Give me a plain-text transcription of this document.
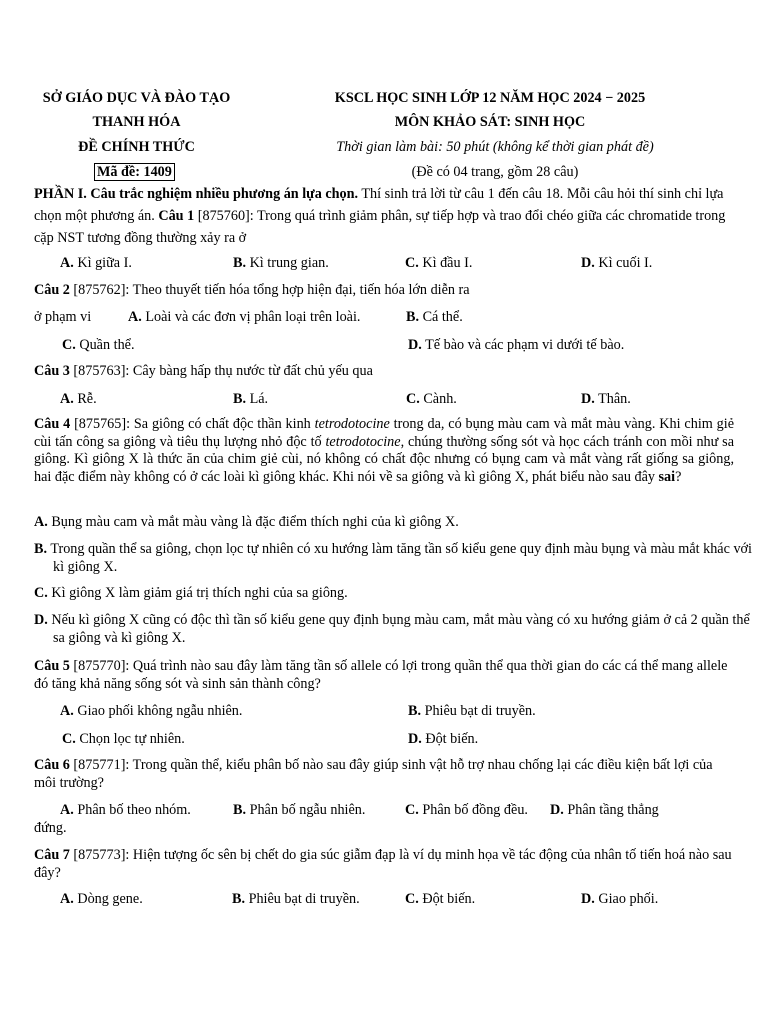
SỞ GIÁO DỤC VÀ ĐÀO TẠO
THANH HÓA
ĐỀ CHÍNH THỨC
Mã đề: 1409
KSCL HỌC SINH LỚP 12 NĂM HỌC 2024 − 2025
MÔN KHẢO SÁT: SINH HỌC
Thời gian làm bài: 50 phút (không kể thời gian phát đề)
(Đề có 04 trang, gồm 28 câu)
PHẦN I. Câu trắc nghiệm nhiều phương án lựa chọn. Thí sinh trả lời từ câu 1 đến câu 18. Mỗi câu hỏi thí sinh chỉ lựa chọn một phương án. Câu 1 [875760]: Trong quá trình giảm phân, sự tiếp hợp và trao đổi chéo giữa các chromatide trong cặp NST tương đồng thường xảy ra ở
A. Kì giữa I.	B. Kì trung gian.	C. Kì đầu I.	D. Kì cuối I.
Câu 2 [875762]: Theo thuyết tiến hóa tổng hợp hiện đại, tiến hóa lớn diễn ra
ở phạm vi	A. Loài và các đơn vị phân loại trên loài.	B. Cá thể.
C. Quần thể.	D. Tế bào và các phạm vi dưới tế bào.
Câu 3 [875763]: Cây bàng hấp thụ nước từ đất chủ yếu qua
A. Rễ.	B. Lá.	C. Cành.	D. Thân.
Câu 4 [875765]: Sa giông có chất độc thần kinh tetrodotocine trong da, có bụng màu cam và mắt màu vàng. Khi chim giẻ cùi tấn công sa giông và tiêu thụ lượng nhỏ độc tố tetrodotocine, chúng thường sống sót và học cách tránh con mồi như sa giông. Kì giông X là thức ăn của chim giẻ cùi, nó không có chất độc nhưng có bụng cam và mắt vàng rất giống sa giông, hai đặc điểm này không có ở các loài kì giông khác. Khi nói về sa giông và kì giông X, phát biểu nào sau đây sai?
A. Bụng màu cam và mắt màu vàng là đặc điểm thích nghi của kì giông X.
B. Trong quần thể sa giông, chọn lọc tự nhiên có xu hướng làm tăng tần số kiểu gene quy định màu bụng và màu mắt khác với kì giông X.
C. Kì giông X làm giảm giá trị thích nghi của sa giông.
D. Nếu kì giông X cũng có độc thì tần số kiểu gene quy định bụng màu cam, mắt màu vàng có xu hướng giảm ở cả 2 quần thể sa giông và kì giông X.
Câu 5 [875770]: Quá trình nào sau đây làm tăng tần số allele có lợi trong quần thể qua thời gian do các cá thể mang allele đó tăng khả năng sống sót và sinh sản thành công?
A. Giao phối không ngẫu nhiên.	B. Phiêu bạt di truyền.
C. Chọn lọc tự nhiên.	D. Đột biến.
Câu 6 [875771]: Trong quần thể, kiểu phân bố nào sau đây giúp sinh vật hỗ trợ nhau chống lại các điều kiện bất lợi của môi trường?
A. Phân bố theo nhóm.	B. Phân bố ngẫu nhiên.	C. Phân bố đồng đều. D. Phân tầng thẳng
đứng.
Câu 7 [875773]: Hiện tượng ốc sên bị chết do gia súc giẫm đạp là ví dụ minh họa về tác động của nhân tố tiến hoá nào sau đây?
A. Dòng gene.	B. Phiêu bạt di truyền.	C. Đột biến.	D. Giao phối.
